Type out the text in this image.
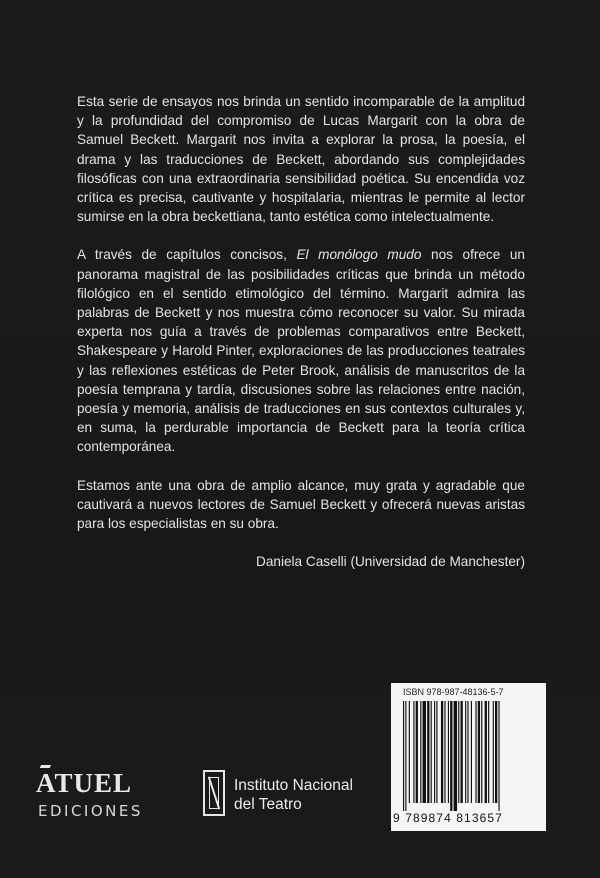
Esta serie de ensayos nos brinda un sentido incomparable de la amplitud y la profundidad del compromiso de Lucas Margarit con la obra de Samuel Beckett. Margarit nos invita a explorar la prosa, la poesía, el drama y las traducciones de Beckett, abordando sus complejidades filosóficas con una extraordinaria sensibilidad poética. Su encendida voz crítica es precisa, cautivante y hospitalaria, mientras le permite al lector sumirse en la obra beckettiana, tanto estética como intelectualmente.

A través de capítulos concisos, El monólogo mudo nos ofrece un panorama magistral de las posibilidades críticas que brinda un método filológico en el sentido etimológico del término. Margarit admira las palabras de Beckett y nos muestra cómo reconocer su valor. Su mirada experta nos guía a través de problemas comparativos entre Beckett, Shakespeare y Harold Pinter, exploraciones de las producciones teatrales y las reflexiones estéticas de Peter Brook, análisis de manuscritos de la poesía temprana y tardía, discusiones sobre las relaciones entre nación, poesía y memoria, análisis de traducciones en sus contextos culturales y, en suma, la perdurable importancia de Beckett para la teoría crítica contemporánea.

Estamos ante una obra de amplio alcance, muy grata y agradable que cautivará a nuevos lectores de Samuel Beckett y ofrecerá nuevas aristas para los especialistas en su obra.

Daniela Caselli (Universidad de Manchester)

ATUEL
EDICIONES
Instituto Nacional
del Teatro
ISBN 978-987-48136-5-7
9 789874 813657
